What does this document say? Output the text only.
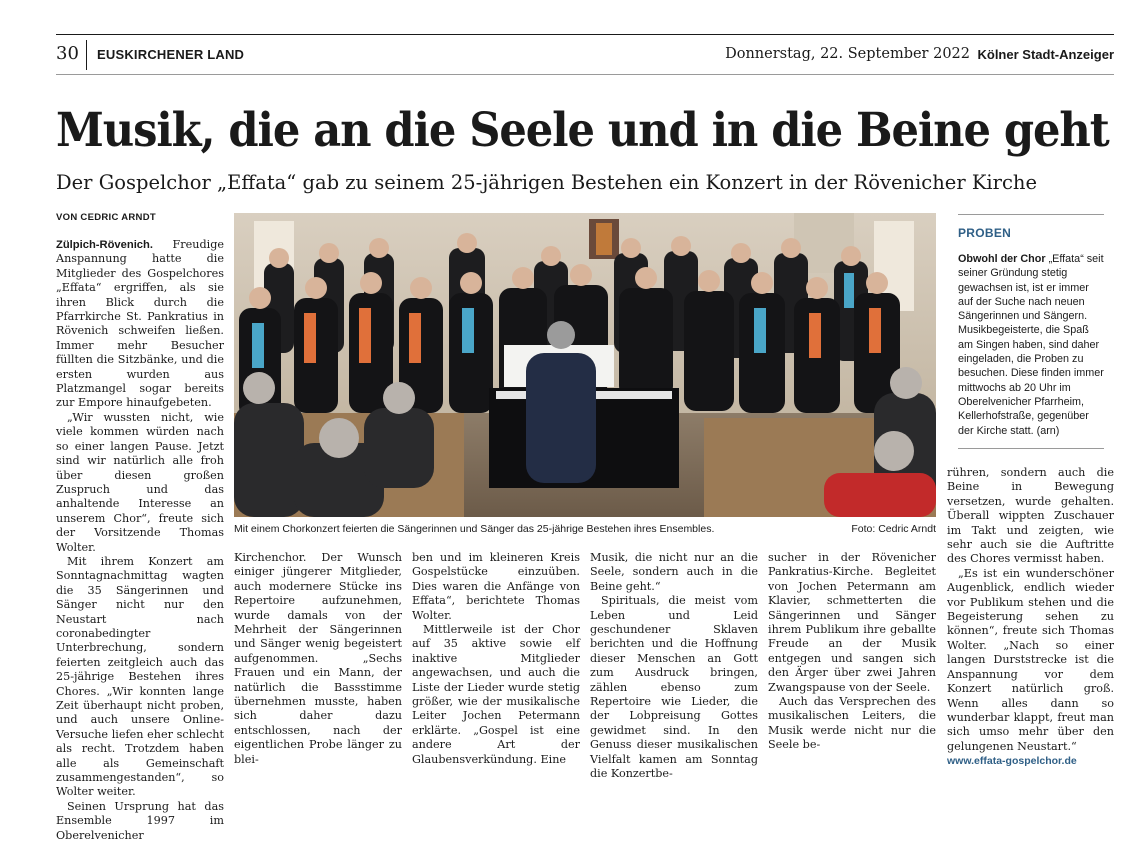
30 EUSKIRCHENER LAND	Donnerstag, 22. September 2022 Kölner Stadt-Anzeiger
Musik, die an die Seele und in die Beine geht
Der Gospelchor „Effata“ gab zu seinem 25-jährigen Bestehen ein Konzert in der Rövenicher Kirche
VON CEDRIC ARNDT

Zülpich-Rövenich. Freudige Anspannung hatte die Mitglieder des Gospelchores „Effata“ ergriffen, als sie ihren Blick durch die Pfarrkirche St. Pankratius in Rövenich schweifen ließen. Immer mehr Besucher füllten die Sitzbänke, und die ersten wurden aus Platzmangel sogar bereits zur Empore hinaufgebeten.

„Wir wussten nicht, wie viele kommen würden nach so einer langen Pause. Jetzt sind wir natürlich alle froh über diesen großen Zuspruch und das anhaltende Interesse an unserem Chor“, freute sich der Vorsitzende Thomas Wolter.

Mit ihrem Konzert am Sonntagnachmittag wagten die 35 Sängerinnen und Sänger nicht nur den Neustart nach coronabedingter Unterbrechung, sondern feierten zeitgleich auch das 25-jährige Bestehen ihres Chores. „Wir konnten lange Zeit überhaupt nicht proben, und auch unsere Online-Versuche liefen eher schlecht als recht. Trotzdem haben alle als Gemeinschaft zusammengestanden“, so Wolter weiter.

Seinen Ursprung hat das Ensemble 1997 im Oberelvenicher

Mit einem Chorkonzert feierten die Sängerinnen und Sänger das 25-jährige Bestehen ihres Ensembles.	Foto: Cedric Arndt

Kirchenchor. Der Wunsch einiger jüngerer Mitglieder, auch modernere Stücke ins Repertoire aufzunehmen, wurde damals von der Mehrheit der Sängerinnen und Sänger wenig begeistert aufgenommen. „Sechs Frauen und ein Mann, der natürlich die Bassstimme übernehmen musste, haben sich daher dazu entschlossen, nach der eigentlichen Probe länger zu blei-

ben und im kleineren Kreis Gospelstücke einzuüben. Dies waren die Anfänge von Effata“, berichtete Thomas Wolter.

Mittlerweile ist der Chor auf 35 aktive sowie elf inaktive Mitglieder angewachsen, und auch die Liste der Lieder wurde stetig größer, wie der musikalische Leiter Jochen Petermann erklärte. „Gospel ist eine andere Art der Glaubensverkündung. Eine

Musik, die nicht nur an die Seele, sondern auch in die Beine geht.“

Spirituals, die meist vom Leben und Leid geschundener Sklaven berichten und die Hoffnung dieser Menschen an Gott zum Ausdruck bringen, zählen ebenso zum Repertoire wie Lieder, die der Lobpreisung Gottes gewidmet sind. In den Genuss dieser musikalischen Vielfalt kamen am Sonntag die Konzertbe-

sucher in der Rövenicher Pankratius-Kirche. Begleitet von Jochen Petermann am Klavier, schmetterten die Sängerinnen und Sänger ihrem Publikum ihre geballte Freude an der Musik entgegen und sangen sich den Ärger über zwei Jahren Zwangspause von der Seele.

Auch das Versprechen des musikalischen Leiters, die Musik werde nicht nur die Seele be-

PROBEN
Obwohl der Chor „Effata“ seit seiner Gründung stetig gewachsen ist, ist er immer auf der Suche nach neuen Sängerinnen und Sängern. Musikbegeisterte, die Spaß am Singen haben, sind daher eingeladen, die Proben zu besuchen. Diese finden immer mittwochs ab 20 Uhr im Oberelvenicher Pfarrheim, Kellerhofstraße, gegenüber der Kirche statt. (arn)

rühren, sondern auch die Beine in Bewegung versetzen, wurde gehalten. Überall wippten Zuschauer im Takt und zeigten, wie sehr auch sie die Auftritte des Chores vermisst haben.

„Es ist ein wunderschöner Augenblick, endlich wieder vor Publikum stehen und die Begeisterung sehen zu können“, freute sich Thomas Wolter. „Nach so einer langen Durststrecke ist die Anspannung vor dem Konzert natürlich groß. Wenn alles dann so wunderbar klappt, freut man sich umso mehr über den gelungenen Neustart.“

www.effata-gospelchor.de
